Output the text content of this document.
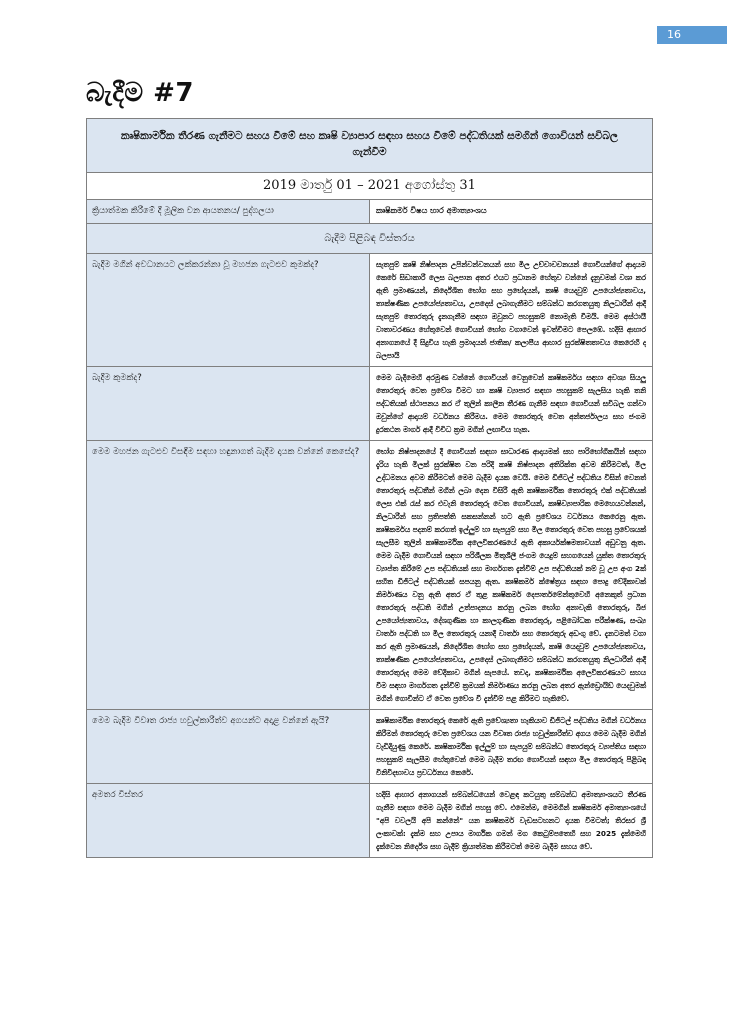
16
බැදීම #7
කෘෂිකාර්මික තීරණ ගැනීමට සහය වීමේ සහ කෘෂි ව්‍යාපාර සඳහා සහය වීමේ පද්ධතියක් සමගින් ගොවියන් සවිබල ගැන්වීම	
2019 මාර්තු 01 – 2021 අගෝස්තු 31	
ක්‍රියාත්මක කිරීමේ දී මූලික වන ආයතනය/ පුද්ගලයා	කෘෂිකර්ම විෂය භාර අමාත්‍යාංශය
බැදීම පිළිබඳ විස්තරය	
බැදීම මගින් අවධානයට ලක්කරන්නා වූ මහජන ගැටළුව කුමක්ද?	සැතපුම් කෘෂි නිෂ්පාදන උපින්වන්වනයන් සහ මිල උච්චාවචනයන් ගොවියන්ගේ ආදායම කෙරේ සිඩාකාරී ලෙස බලපාන අතර එයට ප්‍රධානම හේතුව වන්නේ දැනුවමක් වශා කර ඇති ප්‍රමාණයන්, නිර්දේශිත භෝග සහ ප්‍රභේදයන්, කෘෂි යෙදවුම් උපයෝජ්‍යතාවය, තාක්ෂණික උපයෝජ්‍යතාවය, උපදෙස් ලබාගැනීමට සම්බන්ධ කරගතයුතු නිලධාරීන් ආදී සැතපුම් තොරතුරු දැනගැනීම සඳහා ඔවුනට පහසුකම් නොමැති වීමයි. මෙම අස්ථායී වාතාවරණය හේතුවෙන් ගොවියන් භෝග වගාවෙන් ඉවත්වීමට පෙලඹේ. හදිසි ආහාර අනාගනයේ දී සිදුවිය හැකි ප්‍රමාදයන් ජාතික/ කලාපීය ආහාර සුරක්ෂිතතාවය කෙරෙහි ද බලපායි
බැදීම කුමක්ද?	මෙම බැදීමෙහි අරමුණ වන්නේ ගොවියන් වෙනුවෙන් කෘෂිකර්මය සඳහා අවශ්‍ය සියලු තොරතුරු වෙත ප්‍රවේශ වීමට හා කෘෂි ව්‍යාපාර සඳහා පහසුකම් සැලසිය හැකි තනි පද්ධතියක් ස්ථාපනය කර ඒ තුලින් කාලීන තීරණ ගැනීම සඳහා ගොවියන් සවිබල ගන්වා ඔවුන්ගේ ආදායම් වර්ධනය කිරීමය. මෙම තොරතුරු වෙත අන්තර්ජාලය සහ ජංගම දුරකථන මාර්ග ආදී විවිධ ක්‍රම මගින් ලඟාවිය හැක.
මෙම මහජන ගැටළුව විසඳීම සඳහා හඳුනාගත් බැදීම දායක වන්නේ කෙසේද?	භෝග නිෂ්පාදනයේ දී ගොවියන් සඳහා සාධාරණ ආදායමක් සහ පාරිභෝගිකයින් සඳහා දැරිය හැකි මිලක් සුරක්ෂිත වන පරිදි කෘෂි නිෂ්පාදන අතිරික්ත අවම කිරීමටත්, මිල උද්ධමනය අවම කිරීමටත් මෙම බැදීම දායක වෙයි. මෙම ඩිජිටල් පද්ධතිය විසින් වෙනත් තොරතුරු පද්ධතීන් මගින් ලබා දෙන විසිරී ඇති කෘෂිකාර්මික තොරතුරු එක් පද්ධතියක් ලෙස එක් රැස් කර එවැනි තොරතුරු වෙත ගොවියන්, කෘෂිව්‍යාපාරික මෙහෙයවන්නන්, නිලධාරීන් සහ ප්‍රතිපත්ති සකසන්නන් හට ඇති ප්‍රවේශය වර්ධනය කෙරෙනු ඇත. කෘෂිකර්මය පදනම් කරගත් ඉල්ලුම් හා සැපයුම් සහ මිල තොරතුරු වෙත පහසු ප්‍රවේශයක් සැලසීම තුලින් කෘෂිකාර්මික අලෙවිකරණයේ ඇති අකාර්යක්ෂමතාවයන් අඩුවනු ඇත. මෙම බැදීම ගොවියන් සඳහා පරිශීලක මිතුශීලී ජංගම යෙදුම් සහගයෙන් යුක්ත තොරතුරු ව්‍යාප්ත කිරීමේ උප පද්ධතියක් සහ මාර්ගගත දැන්වීම් උප පද්ධතියක් නම් වූ උප අංග 2ක් සහිත ඩිජිටල් පද්ධතියක් සපයනු ඇත. කෘෂිකර්ම ක්ෂේත්‍රය සඳහා පොදු වේදිකාවක් නිර්මාණය වනු ඇති අතර ඒ තුළ කෘෂිකර්ම දෙපාර්තමේන්තුවෙහි අනෙකුත් ප්‍රධාන තොරතුරු පද්ධති මගින් උත්පාදනය කරනු ලබන භෝග අනාවැකි තොරතුරු, බිජ උපයෝජ්‍යතාවය, දේශගුණික හා කාලගුණික තොරතුරු, පළිබෝධක පරීක්ෂණ, සංඛ්‍ය වාර්තා පද්ධති හා මිල තොරතුරු යනාදී වාර්තා සහ තොරතුරු අඩංගු වේ. දැනටමත් වගා කර ඇති ප්‍රමාණයන්, නිර්දේශිත භෝග සහ ප්‍රභේදයන්, කෘෂි යෙදවුම් උපයෝජ්‍යතාවය, තාක්ෂණික උපයෝජ්‍යතාවය, උපදෙස් ලබාගැනීමට සම්බන්ධ කරගතයුතු නිලධාරීන් ආදී තොරතුරුද මෙම වේදිකාව මගින් සැපයේ. තවද, කෘෂිකාර්මික අලෙවිකරණයට සහය වීම සඳහා මාර්ගගත දැන්වීම් ක්‍රමයක් නිර්මාණය කරනු ලබන අතර ඇන්ඩ්‍රොයිඩ් යෙදවුමක් මගින් ගොවීන්ට ඒ වෙත ප්‍රවේශ වී දැන්වීම් පළ කිරීමට හැකිවේ.
මෙම බැදීම විවෘත රාජ්‍ය හවුල්කාරීත්ව අගයන්ට අදාළ වන්නේ ඇයි?	කෘෂිකාර්මික තොරතුරු කෙරේ ඇති ප්‍රවේශ්‍යතා හැකියාව ඩිජිටල් පද්ධතිය මගින් වර්ධනය කිරීමන් තොරතුරු වෙත ප්‍රවේශය යන විවෘත රාජ්‍ය හවුල්කාරීත්ව අගය මෙම බැදීම මගින් වැඩිදියුණු කෙරේ. කෘෂිකාර්මික ඉල්ලුම් හා සැපයුම් සම්බන්ධ තොරතුරු ව්‍යාප්තිය සඳහා පහසුකම් සැලසීම හේතුවෙන් මෙම බැදීම තරඟ ගොවියන් සඳහා මිල තොරතුරු පිළිබඳ විනිවිදභාවය ප්‍රවර්ධනය කෙරේ.
අමතර විස්තර	හදිසි ආහාර අනාගයන් සම්බන්ධයෙන් වෙළඳ කටයුතු සම්බන්ධ අමාත්‍යාංශයට තීරණ ගැනීම සඳහා මෙම බැදීම මගින් පහසු වේ. එමෙන්ම, මෙමගින් කෘෂිකර්ම අමාත්‍යාංශයේ "අපි වවලයි අපි කන්නේ" යන කෘෂිකර්ම වැඩසටහනට දායක වීමටත්; තිරසර ශ්‍රී ලංකාවක්: දැක්ම සහ උපාය මාර්ගික ගමන් මග කෙටුම්පතෙහි සහ 2025 දැක්මෙහි දැක්වෙන නිර්දේශ සහ බැදීම් ක්‍රියාත්මක කිරීමටත් මෙම බැදීම සහය වේ.
